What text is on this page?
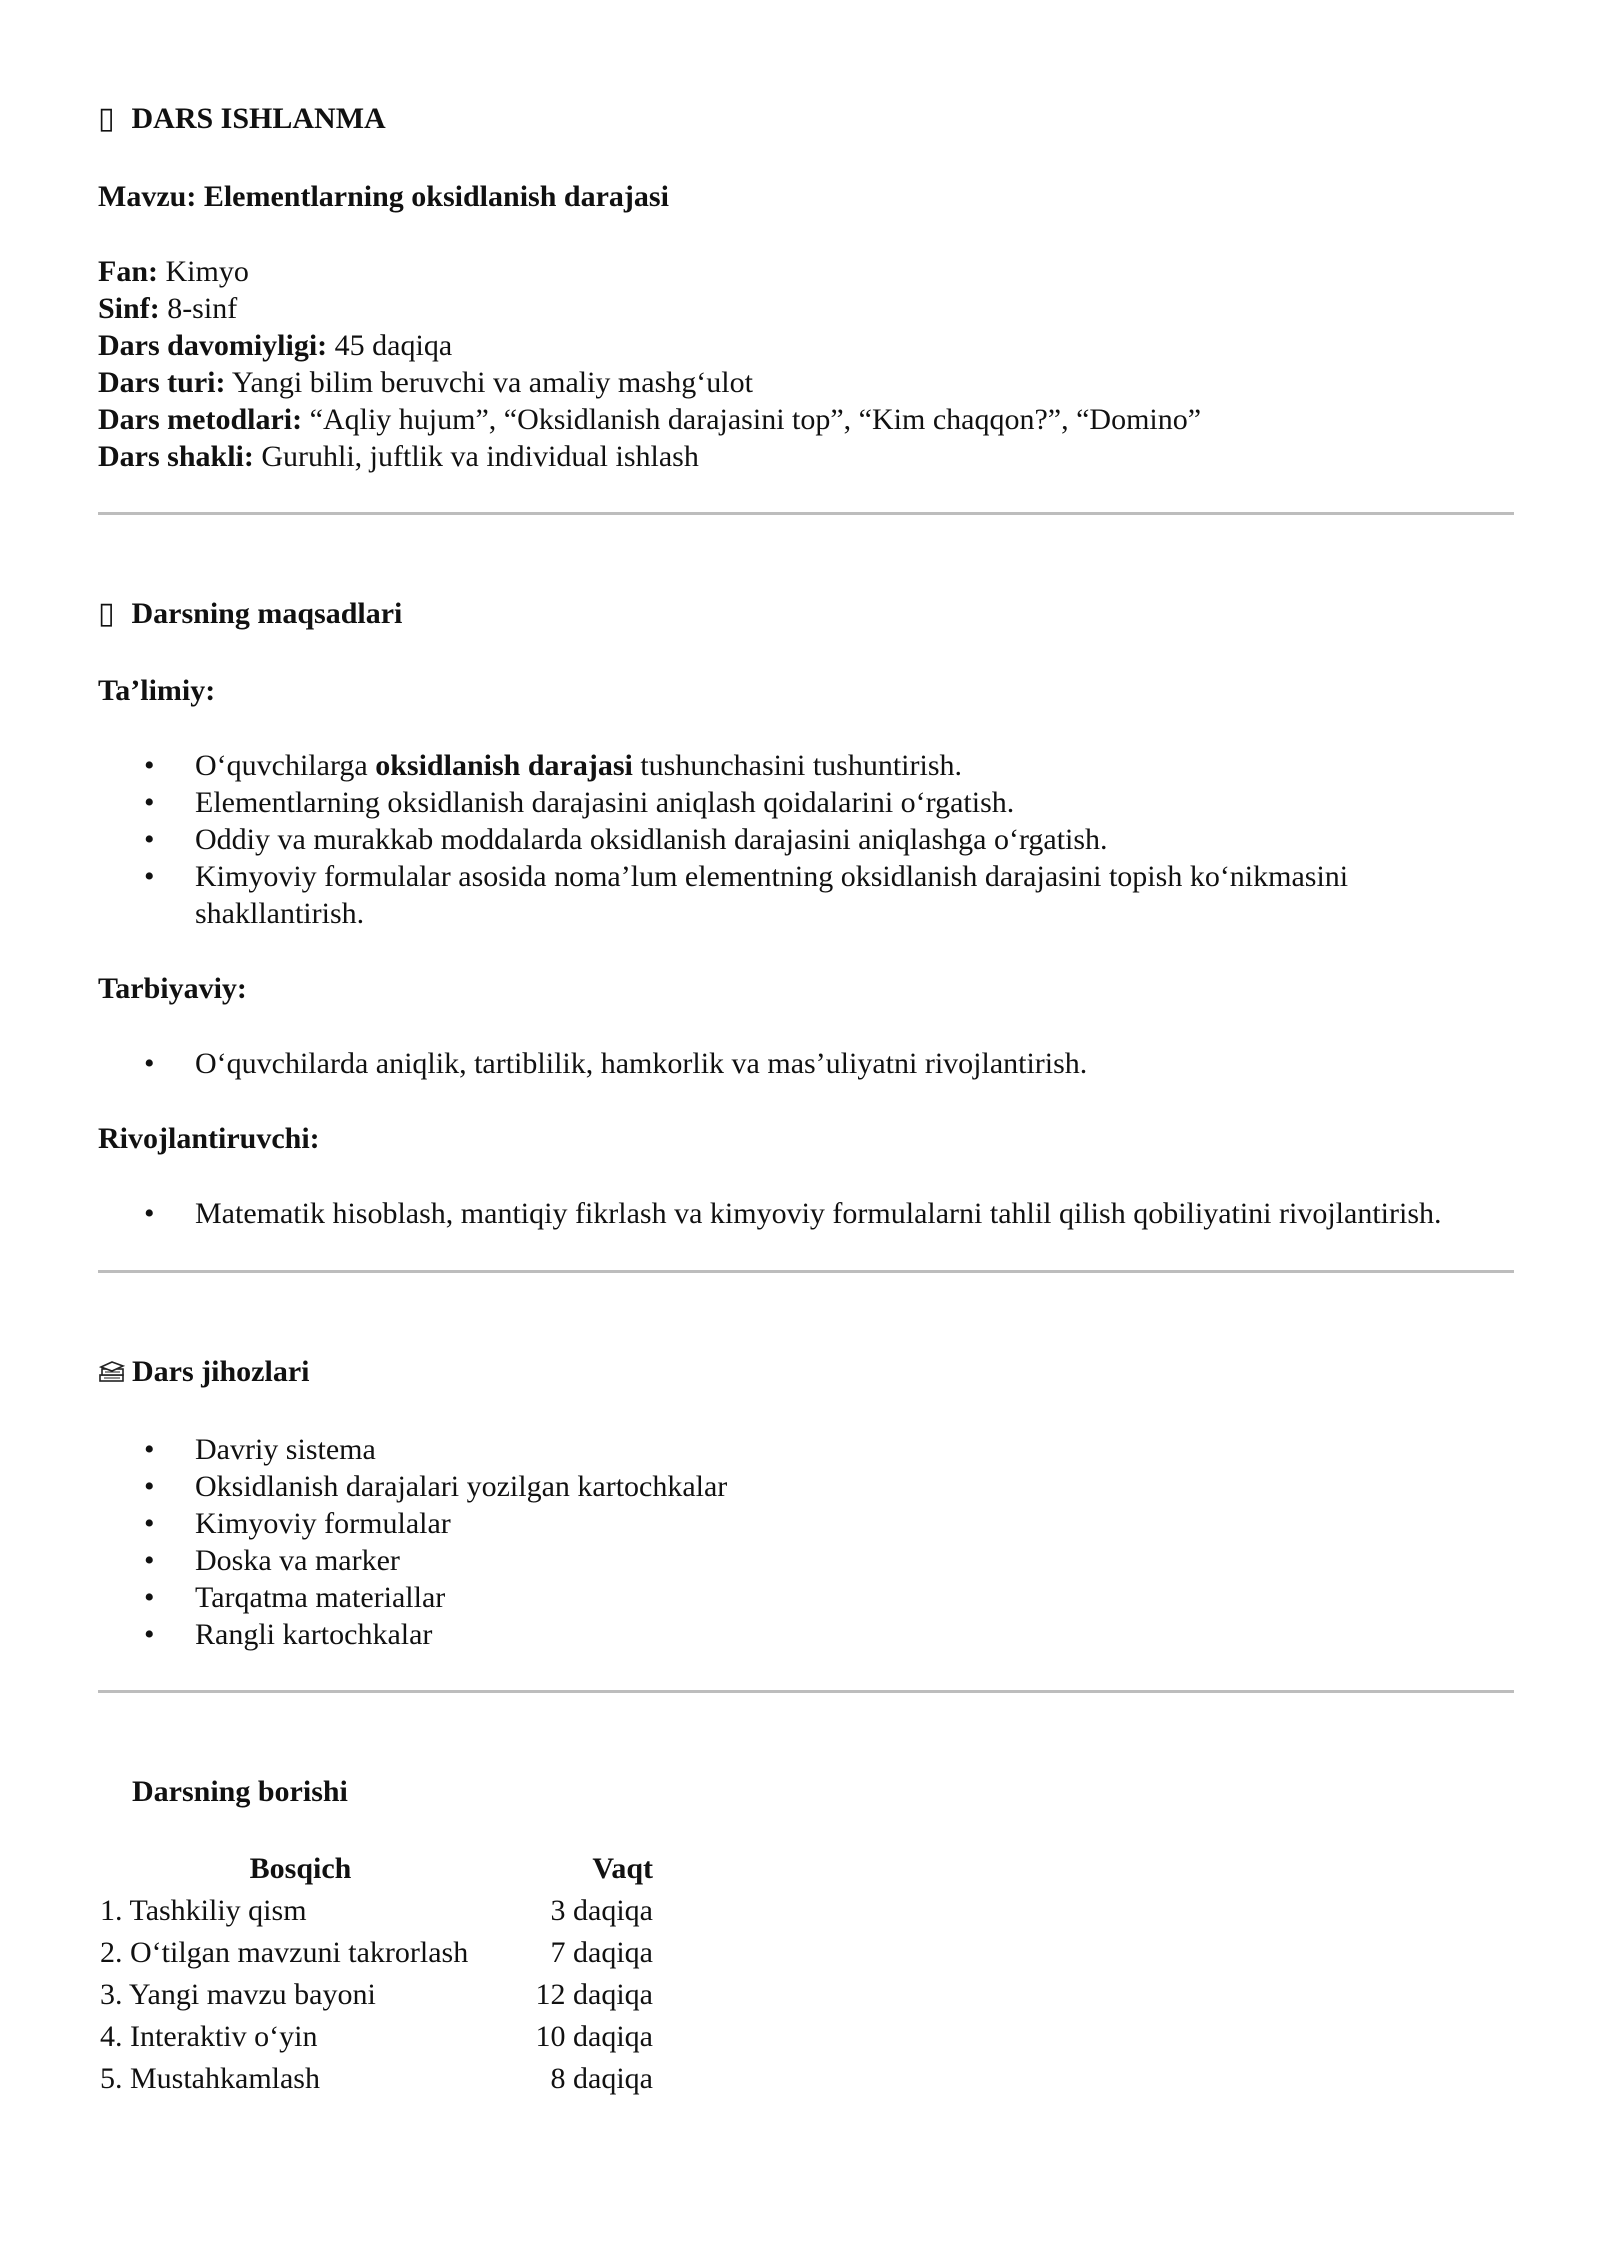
▯ DARS ISHLANMA
Mavzu: Elementlarning oksidlanish darajasi
Fan: Kimyo
Sinf: 8-sinf
Dars davomiyligi: 45 daqiqa
Dars turi: Yangi bilim beruvchi va amaliy mashg‘ulot
Dars metodlari: “Aqliy hujum”, “Oksidlanish darajasini top”, “Kim chaqqon?”, “Domino”
Dars shakli: Guruhli, juftlik va individual ishlash
▯ Darsning maqsadlari
Ta’limiy:
• O‘quvchilarga oksidlanish darajasi tushunchasini tushuntirish.
• Elementlarning oksidlanish darajasini aniqlash qoidalarini o‘rgatish.
• Oddiy va murakkab moddalarda oksidlanish darajasini aniqlashga o‘rgatish.
• Kimyoviy formulalar asosida noma’lum elementning oksidlanish darajasini topish ko‘nikmasini shakllantirish.
Tarbiyaviy:
• O‘quvchilarda aniqlik, tartiblilik, hamkorlik va mas’uliyatni rivojlantirish.
Rivojlantiruvchi:
• Matematik hisoblash, mantiqiy fikrlash va kimyoviy formulalarni tahlil qilish qobiliyatini rivojlantirish.
Dars jihozlari
• Davriy sistema
• Oksidlanish darajalari yozilgan kartochkalar
• Kimyoviy formulalar
• Doska va marker
• Tarqatma materiallar
• Rangli kartochkalar
Darsning borishi
Bosqich	Vaqt
1. Tashkiliy qism	3 daqiqa
2. O‘tilgan mavzuni takrorlash	7 daqiqa
3. Yangi mavzu bayoni	12 daqiqa
4. Interaktiv o‘yin	10 daqiqa
5. Mustahkamlash	8 daqiqa
